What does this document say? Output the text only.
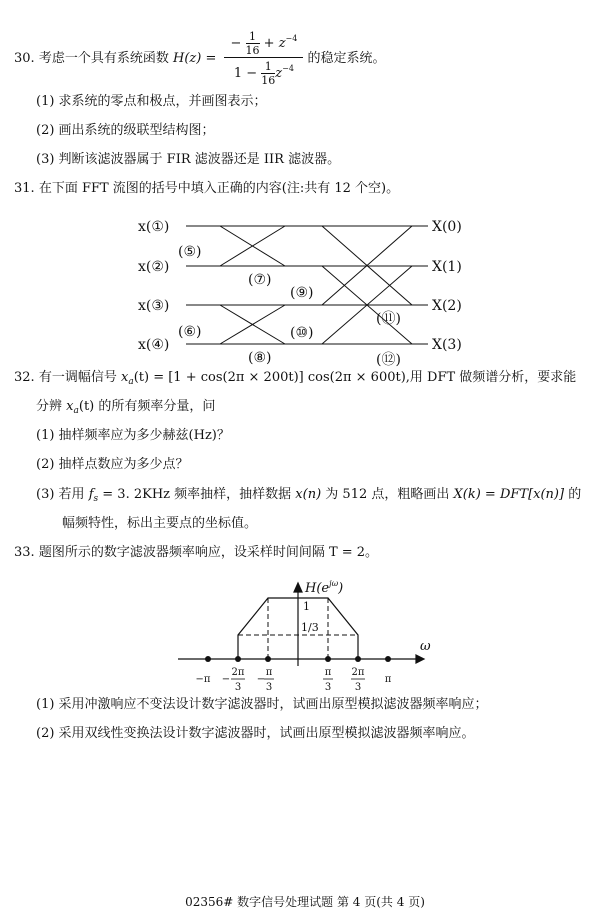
30. 考虑一个具有系统函数 $H(z) = \frac{- \frac{1}{16} + z^{-4}}{1 - \frac{1}{16} z^{-4}}$ 的稳定系统。
(1) 求系统的零点和极点，并画图表示；
(2) 画出系统的级联型结构图；
(3) 判断该滤波器属于 FIR 滤波器还是 IIR 滤波器。
31. 在下面 FFT 流图的括号中填入正确的内容(注:共有 12 个空)。
x(①)
x(②)
x(③)
x(④)
X(0)
X(1)
X(2)
X(3)
(⑤)
(⑥)
(⑦)
(⑧)
(⑨)
(⑩)
(⑪)
(⑫)
32. 有一调幅信号 $x_a(t) = [1 + \cos(2\pi \times 200t)] \cos(2\pi \times 600t)$,用 DFT 做频谱分析，要求能
分辨 $x_a(t)$ 的所有频率分量，问
(1) 抽样频率应为多少赫兹(Hz)？
(2) 抽样点数应为多少点？
(3) 若用 $f_s = 3$. 2KHz 频率抽样，抽样数据 x(n) 为 512 点，粗略画出 X(k) = DFT[x(n)] 的
幅频特性，标出主要点的坐标值。
33. 题图所示的数字滤波器频率响应，设采样时间间隔 T = 2。
$H(e^{j\omega})$
ω
1
1/3
−π −
2π
3
−
π
3
π
3
2π
3
π
(1) 采用冲激响应不变法设计数字滤波器时，试画出原型模拟滤波器频率响应；
(2) 采用双线性变换法设计数字滤波器时，试画出原型模拟滤波器频率响应。
02356# 数字信号处理试题 第 4 页(共 4 页)
